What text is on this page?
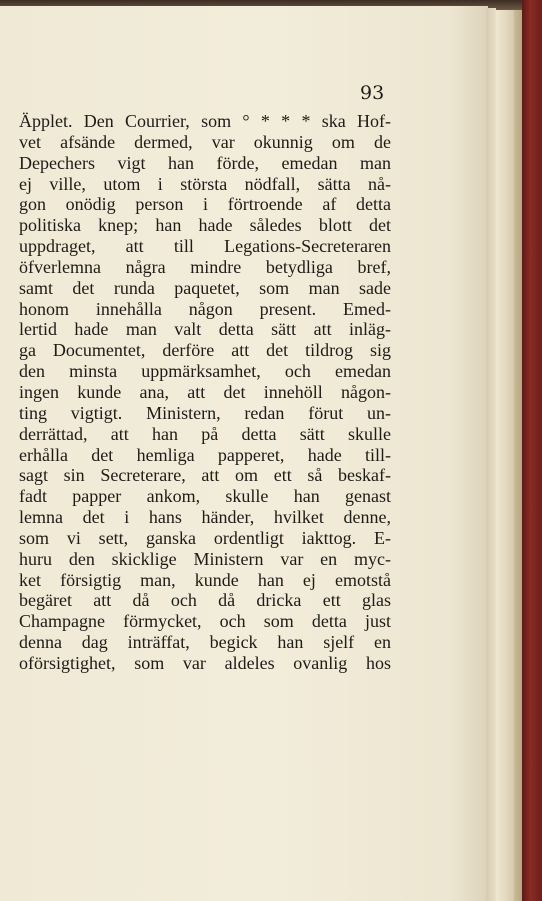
93
Äpplet. Den Courrier, som ° * * * ska Hof-
vet afsände dermed, var okunnig om de
Depechers vigt han förde, emedan man
ej ville, utom i största nödfall, sätta nå-
gon onödig person i förtroende af detta
politiska knep; han hade således blott det
uppdraget, att till Legations-Secreteraren
öfverlemna några mindre betydliga bref,
samt det runda paquetet, som man sade
honom innehålla någon present. Emed-
lertid hade man valt detta sätt att inläg-
ga Documentet, derföre att det tildrog sig
den minsta uppmärksamhet, och emedan
ingen kunde ana, att det innehöll någon-
ting vigtigt. Ministern, redan förut un-
derrättad, att han på detta sätt skulle
erhålla det hemliga papperet, hade till-
sagt sin Secreterare, att om ett så beskaf-
fadt papper ankom, skulle han genast
lemna det i hans händer, hvilket denne,
som vi sett, ganska ordentligt iakttog. E-
huru den skicklige Ministern var en myc-
ket försigtig man, kunde han ej emotstå
begäret att då och då dricka ett glas
Champagne förmycket, och som detta just
denna dag inträffat, begick han sjelf en
oförsigtighet, som var aldeles ovanlig hos
